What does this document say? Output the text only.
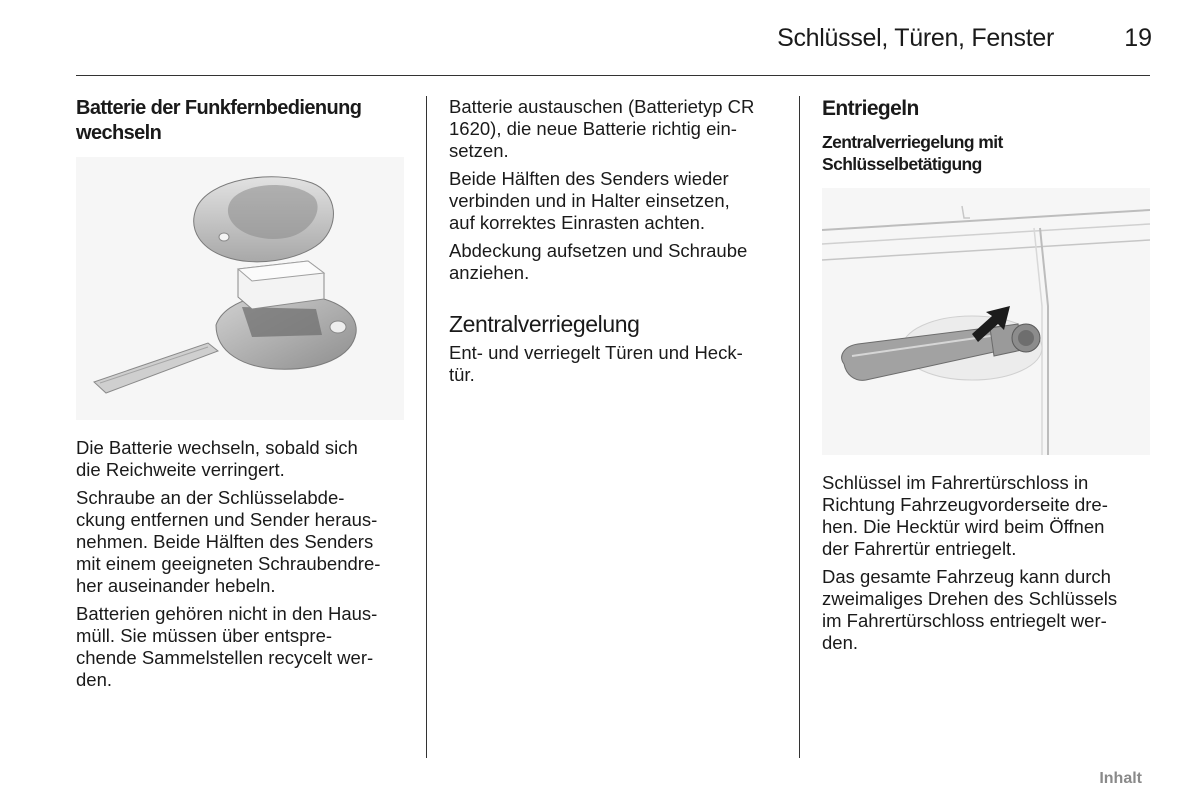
Schlüssel, Türen, Fenster	19
Batterie der Funkfernbedienung
wechseln

Die Batterie wechseln, sobald sich
die Reichweite verringert.

Schraube an der Schlüsselabde-
ckung entfernen und Sender heraus-
nehmen. Beide Hälften des Senders
mit einem geeigneten Schraubendre-
her auseinander hebeln.

Batterien gehören nicht in den Haus-
müll. Sie müssen über entspre-
chende Sammelstellen recycelt wer-
den.

Batterie austauschen (Batterietyp CR
1620), die neue Batterie richtig ein-
setzen.

Beide Hälften des Senders wieder
verbinden und in Halter einsetzen,
auf korrektes Einrasten achten.

Abdeckung aufsetzen und Schraube
anziehen.

Zentralverriegelung

Ent- und verriegelt Türen und Heck-
tür.

Entriegeln
Zentralverriegelung mit
Schlüsselbetätigung

Schlüssel im Fahrertürschloss in
Richtung Fahrzeugvorderseite dre-
hen. Die Hecktür wird beim Öffnen
der Fahrertür entriegelt.

Das gesamte Fahrzeug kann durch
zweimaliges Drehen des Schlüssels
im Fahrertürschloss entriegelt wer-
den.

Inhalt
